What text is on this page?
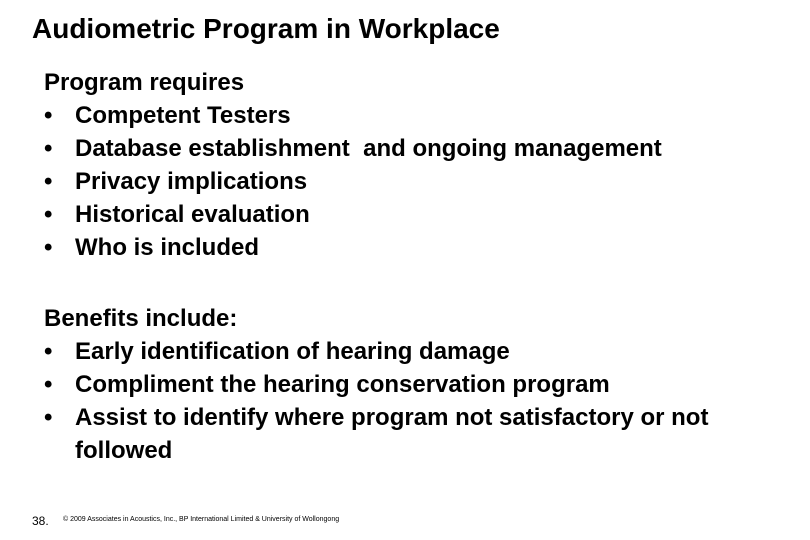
Audiometric Program in Workplace
Program requires
• Competent Testers
• Database establishment  and ongoing management
• Privacy implications
• Historical evaluation
• Who is included
Benefits include:
• Early identification of hearing damage
• Compliment the hearing conservation program
• Assist to identify where program not satisfactory or not followed
38. © 2009 Associates in Acoustics, Inc., BP International Limited & University of Wollongong
